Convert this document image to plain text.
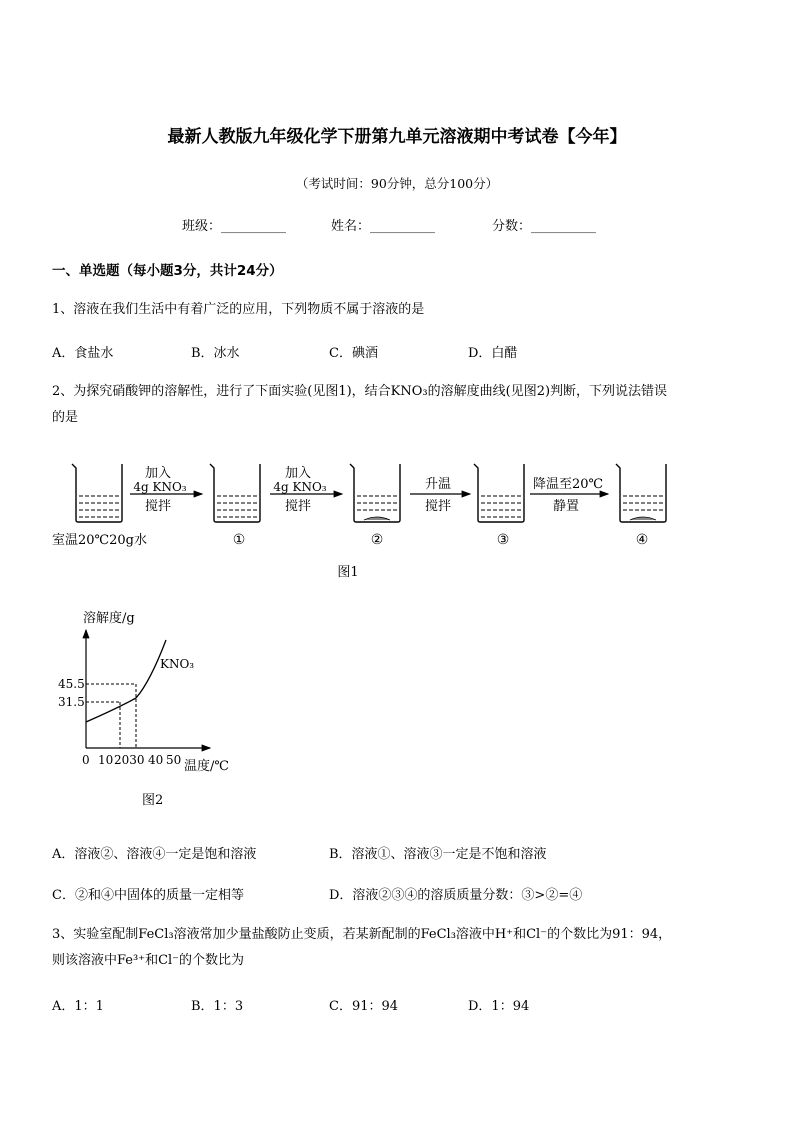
最新人教版九年级化学下册第九单元溶液期中考试卷【今年】
（考试时间：90分钟，总分100分）
班级：__________	姓名：__________	分数：__________
一、单选题（每小题3分，共计24分）
1、溶液在我们生活中有着广泛的应用，下列物质不属于溶液的是
A．食盐水	B．冰水	C．碘酒	D．白醋
2、为探究硝酸钾的溶解性，进行了下面实验(见图1)，结合KNO₃的溶解度曲线(见图2)判断，下列说法错误
的是
加入
4g KNO₃
搅拌
加入
4g KNO₃
搅拌
升温
搅拌
降温至20℃
静置
室温20℃20g水	①	②	③	④
图1
溶解度/g
KNO₃
45.5
31.5
0 10 2030 40 50 温度/℃
图2
A．溶液②、溶液④一定是饱和溶液	B．溶液①、溶液③一定是不饱和溶液
C．②和④中固体的质量一定相等	D．溶液②③④的溶质质量分数：③>②=④
3、实验室配制FeCl₃溶液常加少量盐酸防止变质，若某新配制的FeCl₃溶液中H⁺和Cl⁻的个数比为91：94，
则该溶液中Fe³⁺和Cl⁻的个数比为
A．1：1	B．1：3	C．91：94	D．1：94
